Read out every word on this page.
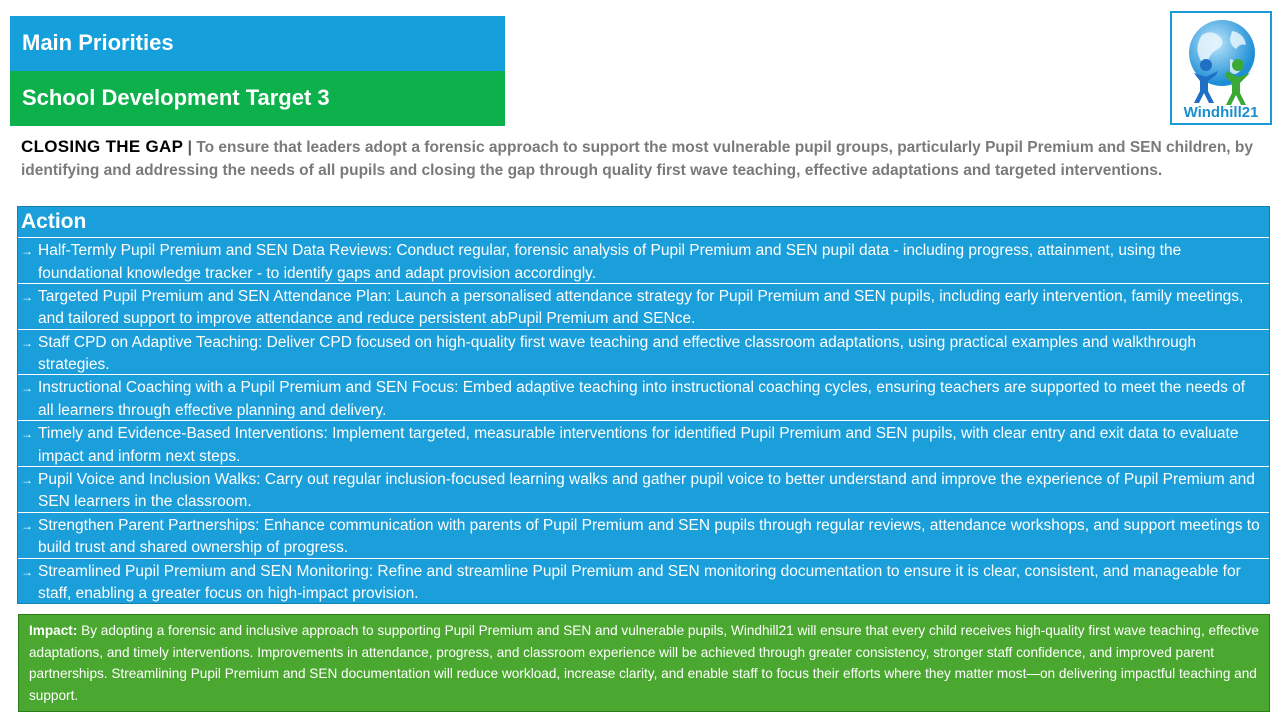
Main Priorities
School Development Target 3
Windhill21
CLOSING THE GAP | To ensure that leaders adopt a forensic approach to support the most vulnerable pupil groups, particularly Pupil Premium and SEN children, by identifying and addressing the needs of all pupils and closing the gap through quality first wave teaching, effective adaptations and targeted interventions.
Action
→ Half-Termly Pupil Premium and SEN Data Reviews: Conduct regular, forensic analysis of Pupil Premium and SEN pupil data - including progress, attainment, using the foundational knowledge tracker - to identify gaps and adapt provision accordingly.
→ Targeted Pupil Premium and SEN Attendance Plan: Launch a personalised attendance strategy for Pupil Premium and SEN pupils, including early intervention, family meetings, and tailored support to improve attendance and reduce persistent abPupil Premium and SENce.
→ Staff CPD on Adaptive Teaching: Deliver CPD focused on high-quality first wave teaching and effective classroom adaptations, using practical examples and walkthrough strategies.
→ Instructional Coaching with a Pupil Premium and SEN Focus: Embed adaptive teaching into instructional coaching cycles, ensuring teachers are supported to meet the needs of all learners through effective planning and delivery.
→ Timely and Evidence-Based Interventions: Implement targeted, measurable interventions for identified Pupil Premium and SEN pupils, with clear entry and exit data to evaluate impact and inform next steps.
→ Pupil Voice and Inclusion Walks: Carry out regular inclusion-focused learning walks and gather pupil voice to better understand and improve the experience of Pupil Premium and SEN learners in the classroom.
→ Strengthen Parent Partnerships: Enhance communication with parents of Pupil Premium and SEN pupils through regular reviews, attendance workshops, and support meetings to build trust and shared ownership of progress.
→ Streamlined Pupil Premium and SEN Monitoring: Refine and streamline Pupil Premium and SEN monitoring documentation to ensure it is clear, consistent, and manageable for staff, enabling a greater focus on high-impact provision.
Impact: By adopting a forensic and inclusive approach to supporting Pupil Premium and SEN and vulnerable pupils, Windhill21 will ensure that every child receives high-quality first wave teaching, effective adaptations, and timely interventions. Improvements in attendance, progress, and classroom experience will be achieved through greater consistency, stronger staff confidence, and improved parent partnerships. Streamlining Pupil Premium and SEN documentation will reduce workload, increase clarity, and enable staff to focus their efforts where they matter most—on delivering impactful teaching and support.
